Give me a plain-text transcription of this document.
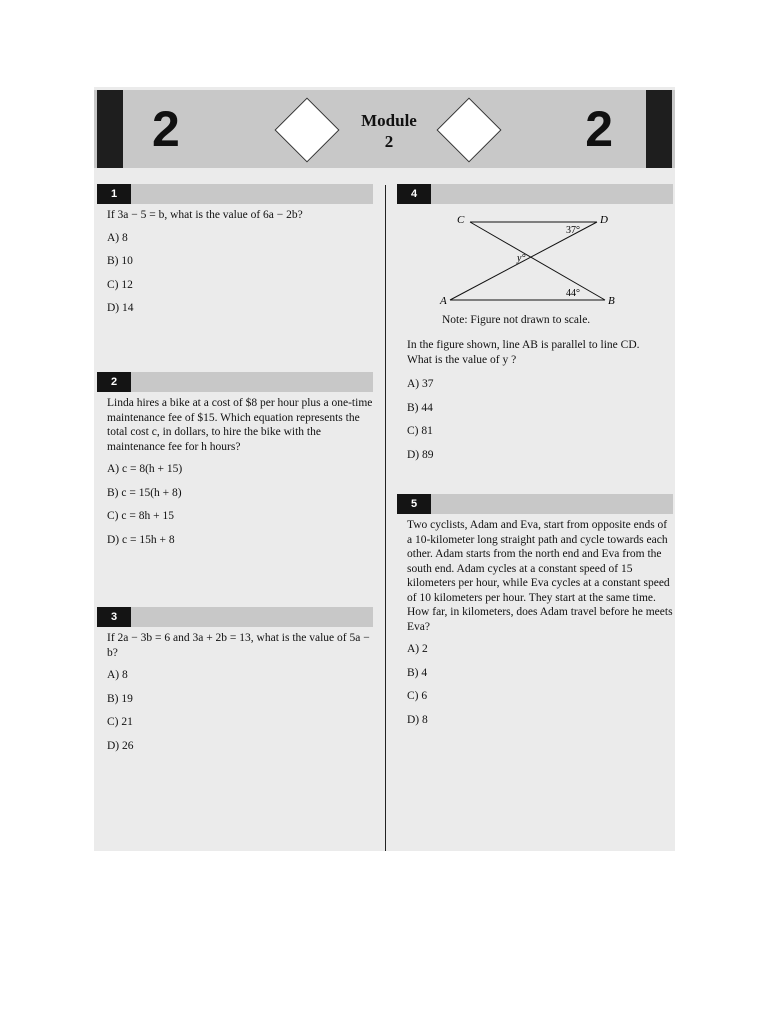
2	Module
2	2
1
If 3a − 5 = b, what is the value of 6a − 2b?
A) 8
B) 10
C) 12
D) 14
2
Linda hires a bike at a cost of $8 per hour plus a one-time maintenance fee of $15. Which equation represents the total cost c, in dollars, to hire the bike with the maintenance fee for h hours?
A) c = 8(h + 15)
B) c = 15(h + 8)
C) c = 8h + 15
D) c = 15h + 8
3
If 2a − 3b = 6 and 3a + 2b = 13, what is the value of 5a − b?
A) 8
B) 19
C) 21
D) 26
4
C	D
A	B
37°
44°
y°
Note: Figure not drawn to scale.
In the figure shown, line AB is parallel to line CD. What is the value of y ?
A) 37
B) 44
C) 81
D) 89
5
Two cyclists, Adam and Eva, start from opposite ends of a 10-kilometer long straight path and cycle towards each other. Adam starts from the north end and Eva from the south end. Adam cycles at a constant speed of 15 kilometers per hour, while Eva cycles at a constant speed of 10 kilometers per hour. They start at the same time. How far, in kilometers, does Adam travel before he meets Eva?
A) 2
B) 4
C) 6
D) 8
